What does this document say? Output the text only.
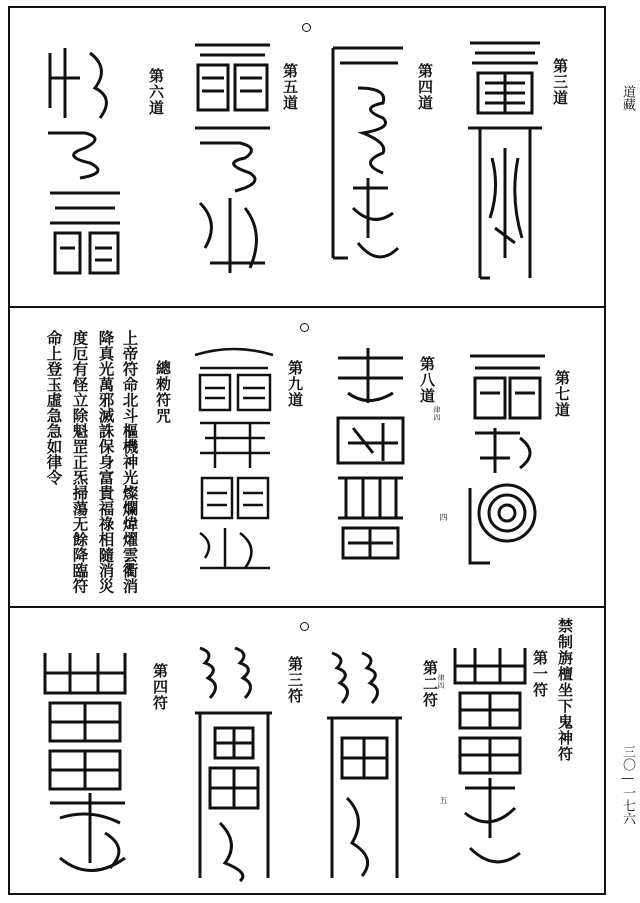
第三道
第四道
第五道
第六道
第七道
第八道
律四
四
第九道
總勑符咒
上帝符命北斗樞機神光燦爛煒燿雲衢消
降真光萬邪滅誅保身富貴福祿相隨消災
度厄有怪立除魁罡正炁掃蕩无餘降臨符
命上登玉虛急急如律令
禁制旃檀坐下鬼神符
第一符
第二符
律四
五
第三符
第四符
道藏
三〇—一七六
